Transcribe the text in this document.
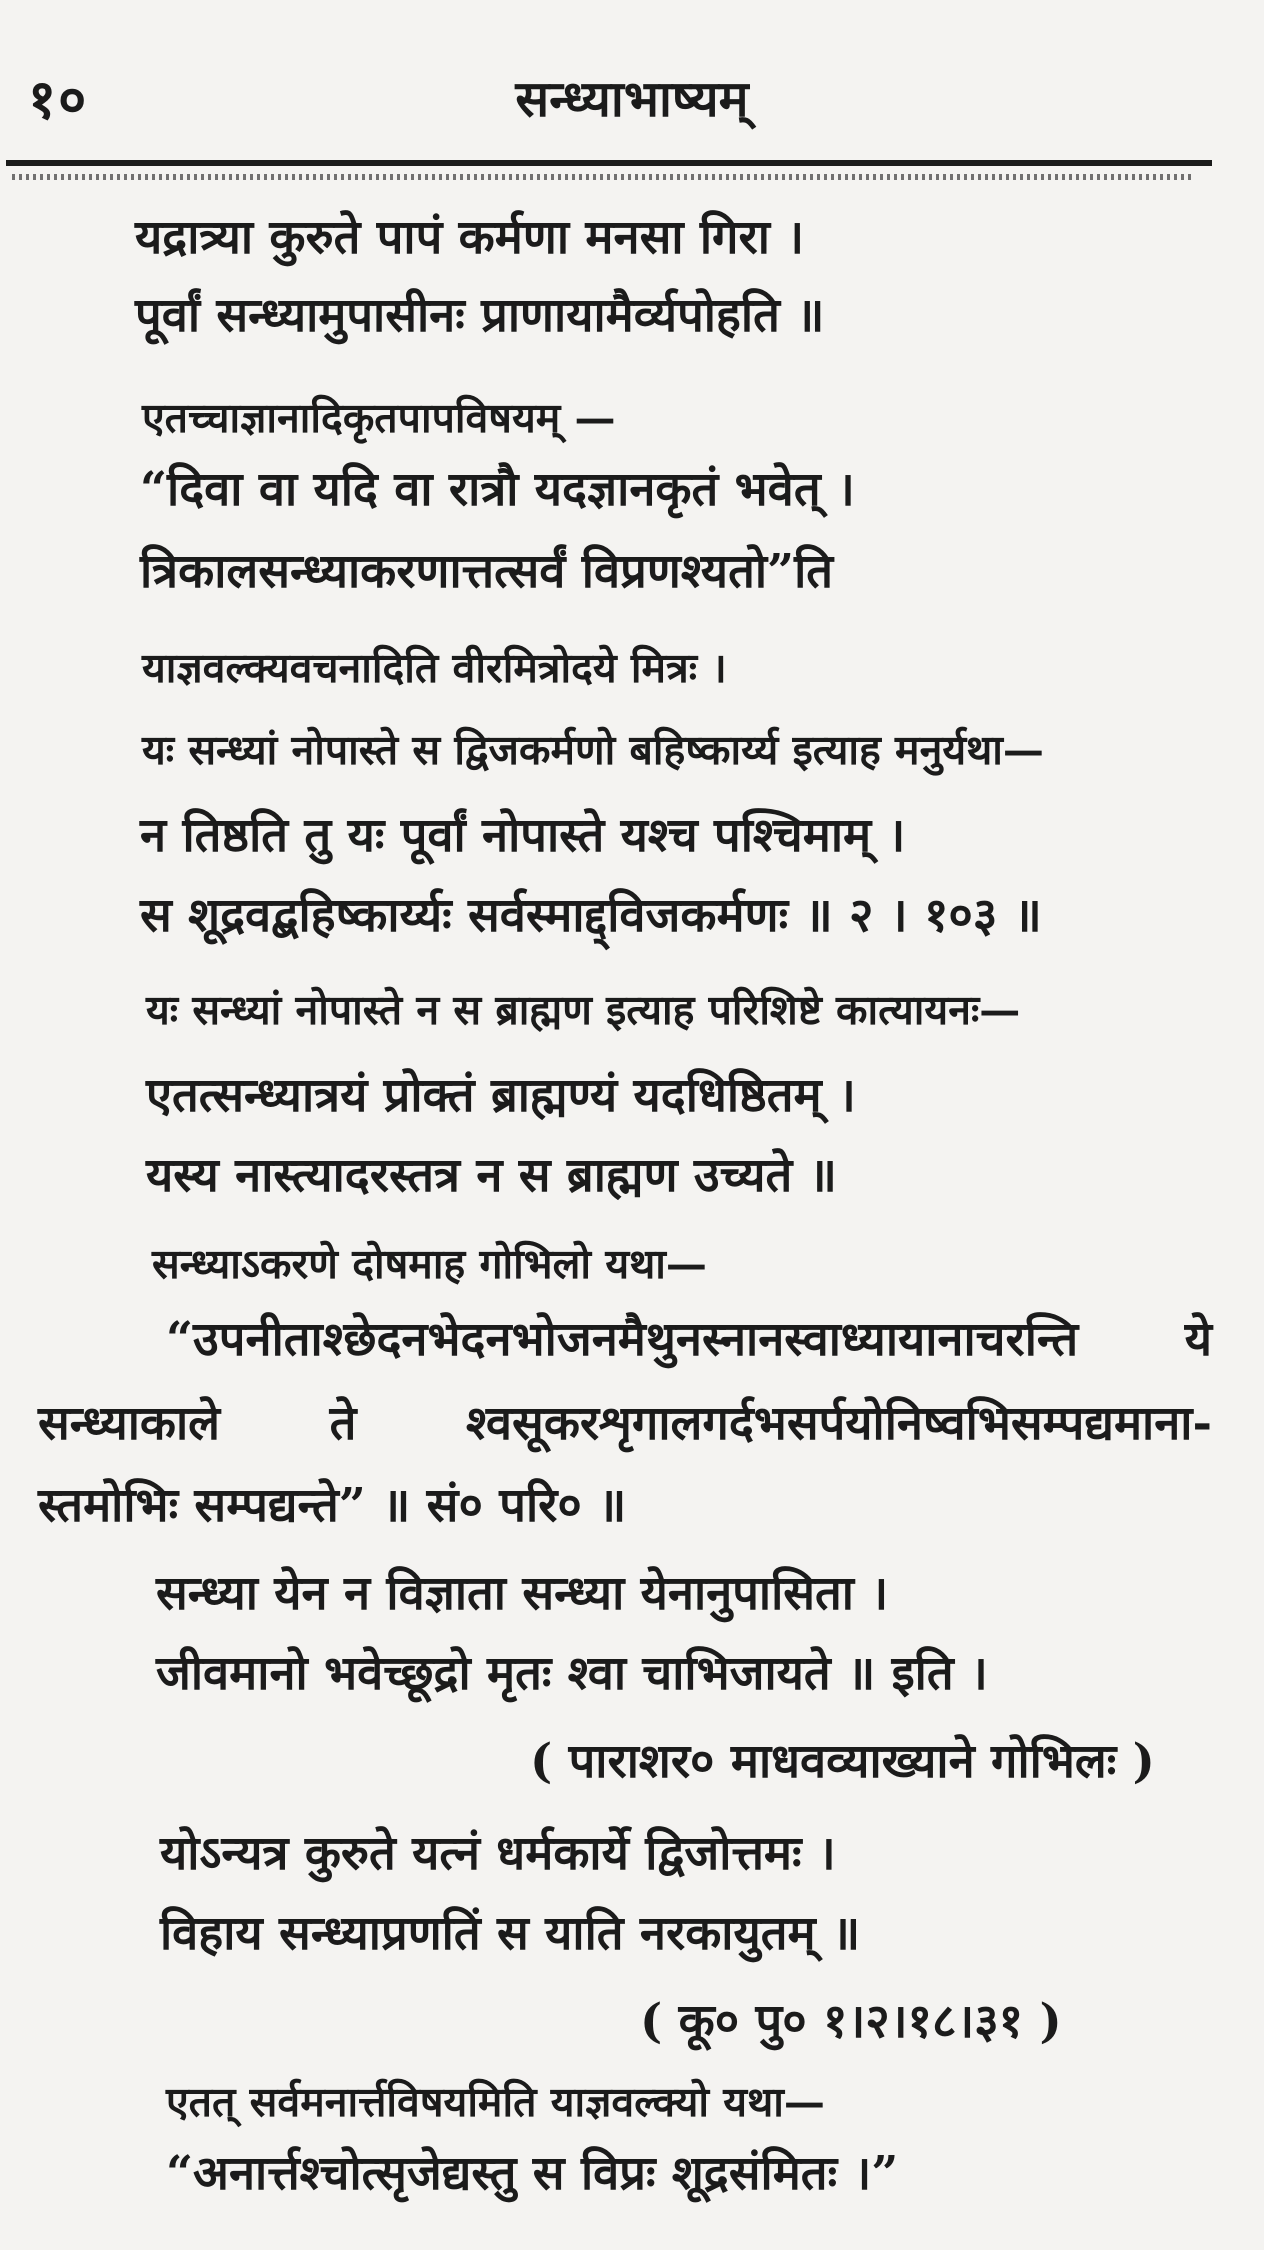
१०	सन्ध्याभाष्यम्
यद्रात्र्या कुरुते पापं कर्मणा मनसा गिरा ।
पूर्वां सन्ध्यामुपासीनः प्राणायामैर्व्यपोहति ॥
एतच्चाज्ञानादिकृतपापविषयम् —
“दिवा वा यदि वा रात्रौ यदज्ञानकृतं भवेत् ।
त्रिकालसन्ध्याकरणात्तत्सर्वं विप्रणश्यतो”ति
याज्ञवल्क्यवचनादिति वीरमित्रोदये मित्रः ।
यः सन्ध्यां नोपास्ते स द्विजकर्मणो बहिष्कार्य्य इत्याह मनुर्यथा—
न तिष्ठति तु यः पूर्वां नोपास्ते यश्च पश्चिमाम् ।
स शूद्रवद्बहिष्कार्य्यः सर्वस्माद्द्विजकर्मणः ॥ २ । १०३ ॥
यः सन्ध्यां नोपास्ते न स ब्राह्मण इत्याह परिशिष्टे कात्यायनः—
एतत्सन्ध्यात्रयं प्रोक्तं ब्राह्मण्यं यदधिष्ठितम् ।
यस्य नास्त्यादरस्तत्र न स ब्राह्मण उच्यते ॥
सन्ध्याऽकरणे दोषमाह गोभिलो यथा—
“उपनीताश्छेदनभेदनभोजनमैथुनस्नानस्वाध्यायानाचरन्ति ये
सन्ध्याकाले ते श्वसूकरशृगालगर्दभसर्पयोनिष्वभिसम्पद्यमाना-
स्तमोभिः सम्पद्यन्ते” ॥ सं० परि० ॥
सन्ध्या येन न विज्ञाता सन्ध्या येनानुपासिता ।
जीवमानो भवेच्छूद्रो मृतः श्वा चाभिजायते ॥ इति ।
( पाराशर० माधवव्याख्याने गोभिलः )
योऽन्यत्र कुरुते यत्नं धर्मकार्ये द्विजोत्तमः ।
विहाय सन्ध्याप्रणतिं स याति नरकायुतम् ॥
( कू० पु० १।२।१८।३१ )
एतत् सर्वमनार्त्तविषयमिति याज्ञवल्क्यो यथा—
“अनार्त्तश्चोत्सृजेद्यस्तु स विप्रः शूद्रसंमितः ।”
